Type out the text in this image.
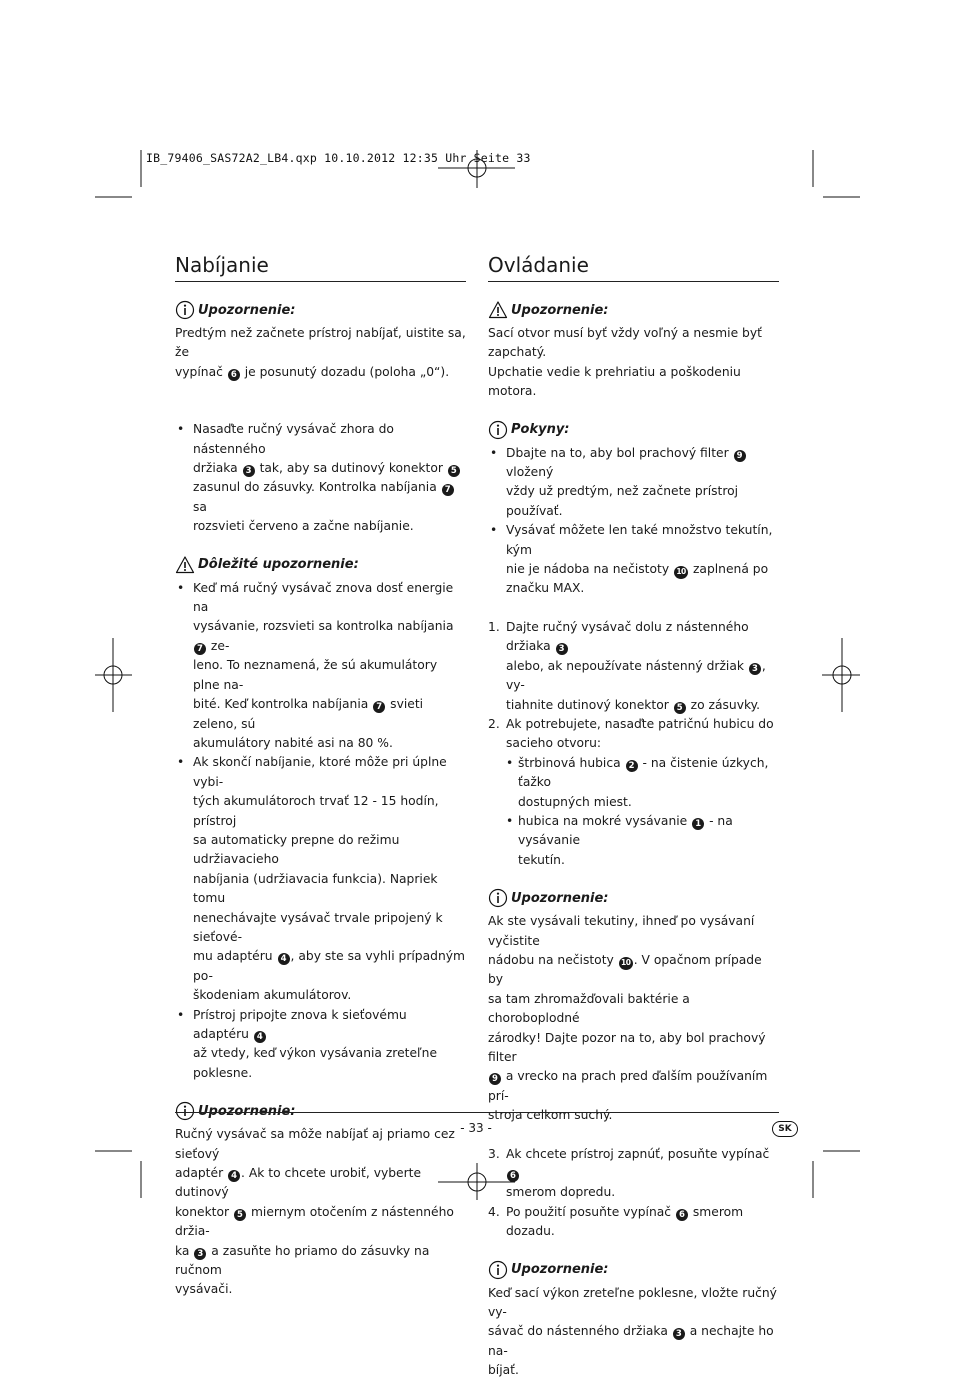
IB_79406_SAS72A2_LB4.qxp 10.10.2012 12:35 Uhr Seite 33
Nabíjanie
Upozornenie:

Predtým než začnete prístroj nabíjať, uistite sa, že
vypínač 6 je posunutý dozadu (poloha „0“).

• Nasaďte ručný vysávač zhora do nástenného
držiaka 3 tak, aby sa dutinový konektor 5
zasunul do zásuvky. Kontrolka nabíjania 7 sa
rozsvieti červeno a začne nabíjanie.
Dôležité upozornenie:
• Keď má ručný vysávač znova dosť energie na
vysávanie, rozsvieti sa kontrolka nabíjania 7 ze-
leno. To neznamená, že sú akumulátory plne na-
bité. Keď kontrolka nabíjania 7 svieti zeleno, sú
akumulátory nabité asi na 80 %.
• Ak skončí nabíjanie, ktoré môže pri úplne vybi-
tých akumulátoroch trvať 12 - 15 hodín, prístroj
sa automaticky prepne do režimu udržiavacieho
nabíjania (udržiavacia funkcia). Napriek tomu
nenechávajte vysávač trvale pripojený k sieťové-
mu adaptéru 4 , aby ste sa vyhli prípadným po-
škodeniam akumulátorov.
• Prístroj pripojte znova k sieťovému adaptéru 4
až vtedy, keď výkon vysávania zreteľne poklesne.
Upozornenie:

Ručný vysávač sa môže nabíjať aj priamo cez sieťový
adaptér 4 . Ak to chcete urobiť, vyberte dutinový
konektor 5 miernym otočením z nástenného držia-
ka 3 a zasuňte ho priamo do zásuvky na ručnom
vysávači.

Ovládanie
Upozornenie:

Sací otvor musí byť vždy voľný a nesmie byť zapchatý.
Upchatie vedie k prehriatiu a poškodeniu motora.

Pokyny:
• Dbajte na to, aby bol prachový filter 9 vložený
vždy už predtým, než začnete prístroj používať.
• Vysávať môžete len také množstvo tekutín, kým
nie je nádoba na nečistoty 10 zaplnená po
značku MAX.
1. Dajte ručný vysávač dolu z nástenného držiaka 3
alebo, ak nepoužívate nástenný držiak 3 , vy-
tiahnite dutinový konektor 5 zo zásuvky.
2. Ak potrebujete, nasaďte patričnú hubicu do
sacieho otvoru:
• štrbinová hubica 2 - na čistenie úzkych, ťažko
dostupných miest.
• hubica na mokré vysávanie 1 - na vysávanie
tekutín.
Upozornenie:

Ak ste vysávali tekutiny, ihneď po vysávaní vyčistite
nádobu na nečistoty 10 . V opačnom prípade by
sa tam zhromažďovali baktérie a choroboplodné
zárodky! Dajte pozor na to, aby bol prachový filter
9 a vrecko na prach pred ďalším používaním prí-
stroja celkom suchý.

3. Ak chcete prístroj zapnúť, posuňte vypínač 6
smerom dopredu.
4. Po použití posuňte vypínač 6 smerom dozadu.
Upozornenie:

Keď sací výkon zreteľne poklesne, vložte ručný vy-
sávač do nástenného držiaka 3 a nechajte ho na-
bíjať.

- 33 -	SK
